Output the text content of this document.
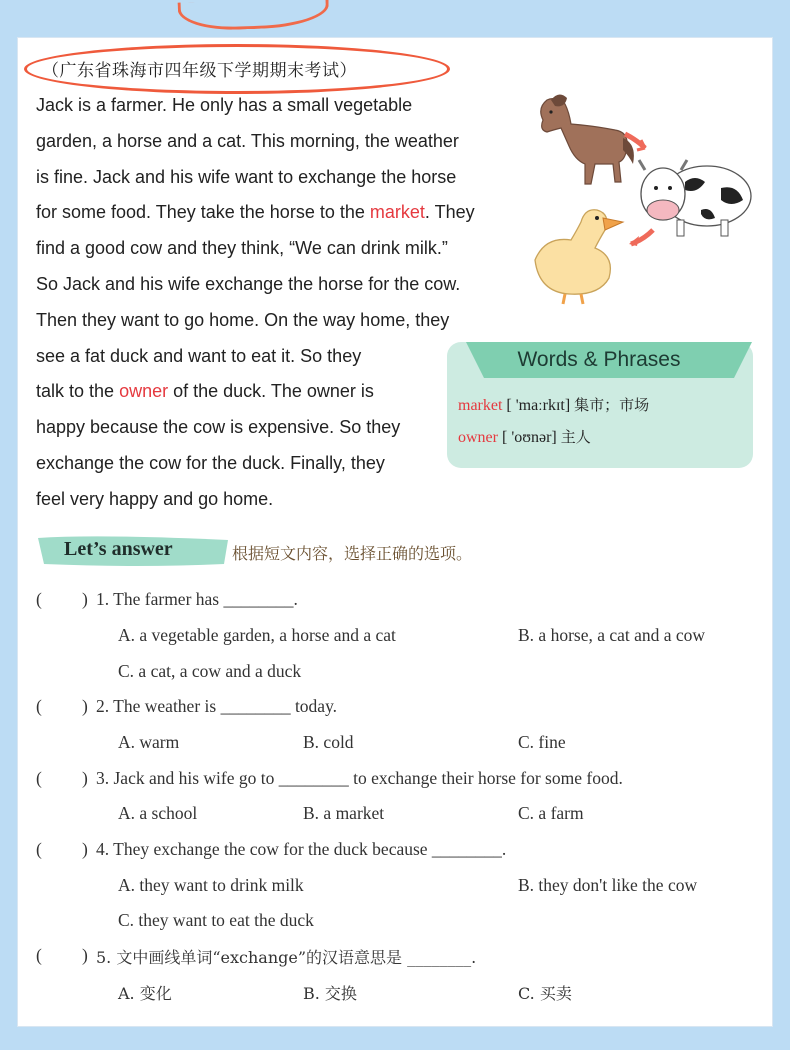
（广东省珠海市四年级下学期期末考试）
Jack is a farmer. He only has a small vegetable
garden, a horse and a cat. This morning, the weather
is fine. Jack and his wife want to exchange the horse
for some food. They take the horse to the market. They
find a good cow and they think, “We can drink milk.”
So Jack and his wife exchange the horse for the cow.
Then they want to go home. On the way home, they
see a fat duck and want to eat it. So they
talk to the owner of the duck. The owner is
happy because the cow is expensive. So they
exchange the cow for the duck. Finally, they
feel very happy and go home.
Words & Phrases
market [ 'maːrkɪt] 集市；市场
owner [ 'oʊnər] 主人
Let’s answer	根据短文内容，选择正确的选项。
( ) 1. The farmer has ________.
A. a vegetable garden, a horse and a cat	B. a horse, a cat and a cow
C. a cat, a cow and a duck
( ) 2. The weather is ________ today.
A. warm	B. cold	C. fine
( ) 3. Jack and his wife go to ________ to exchange their horse for some food.
A. a school	B. a market	C. a farm
( ) 4. They exchange the cow for the duck because ________.
A. they want to drink milk	B. they don't like the cow
C. they want to eat the duck
( ) 5. 文中画线单词“exchange”的汉语意思是 ________.
A. 变化	B. 交换	C. 买卖
